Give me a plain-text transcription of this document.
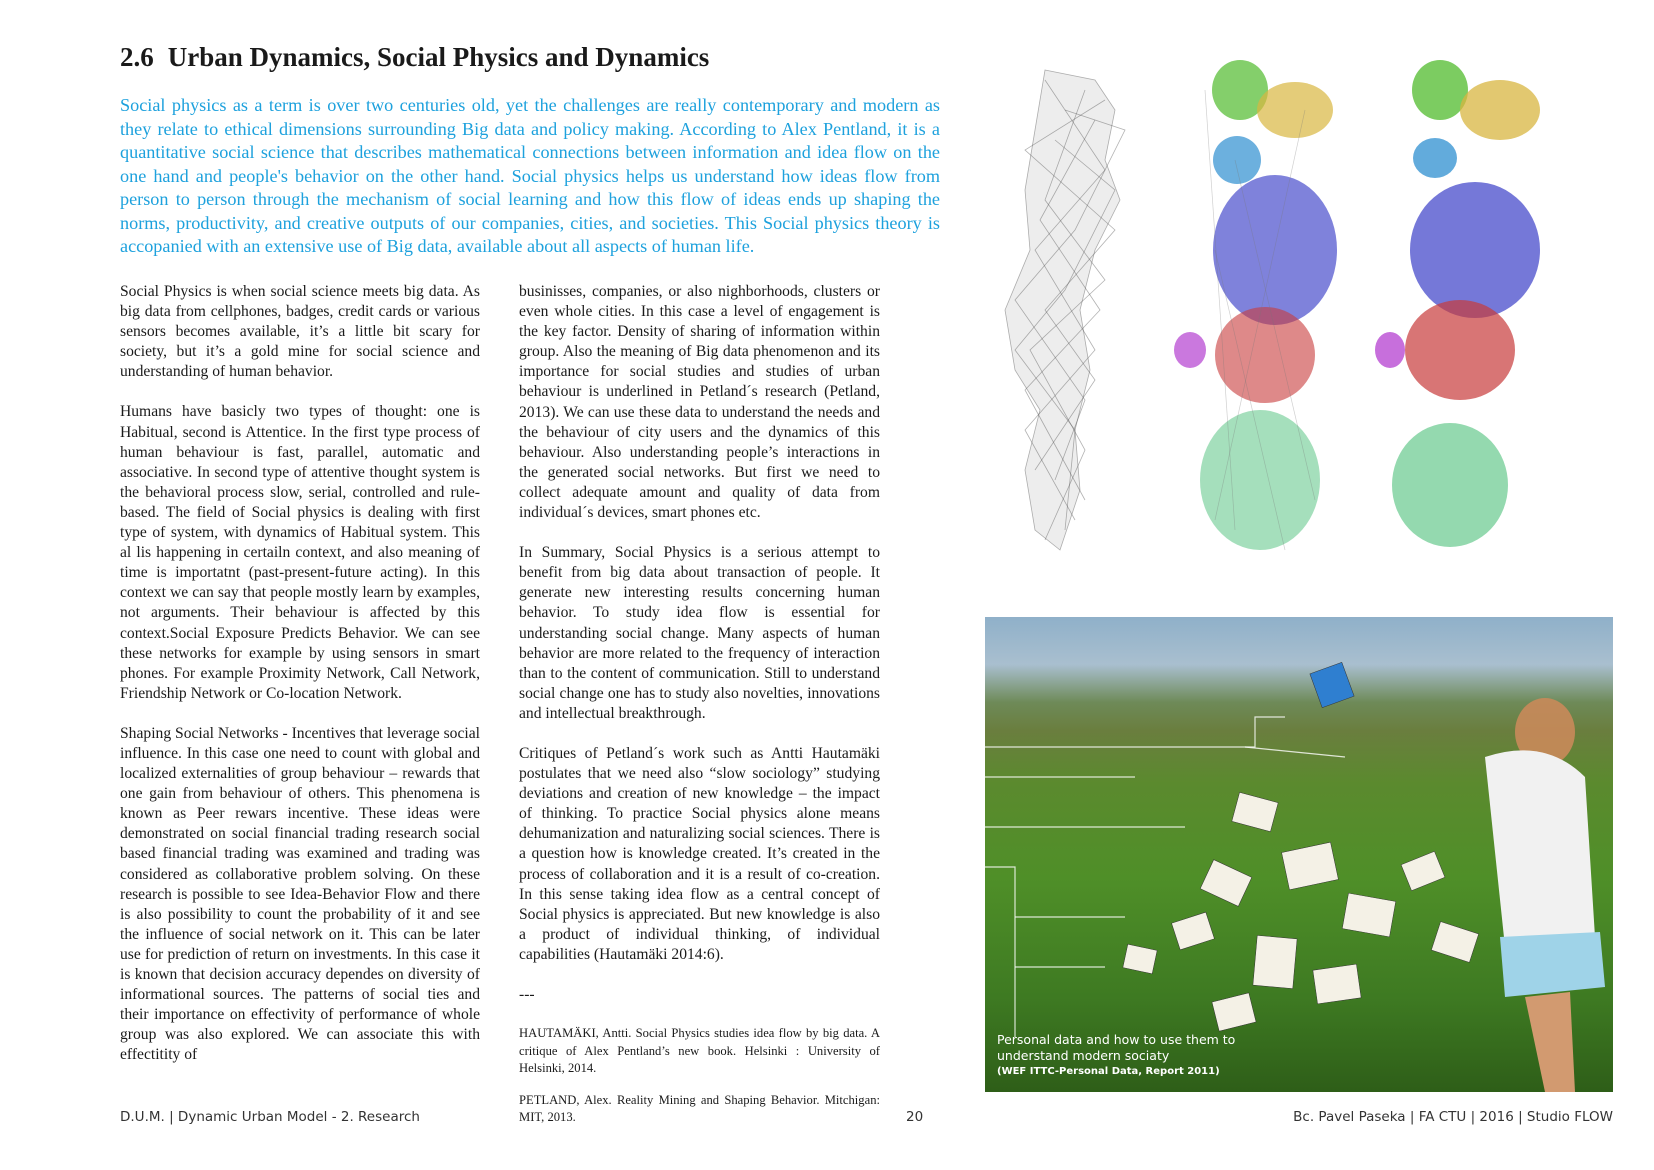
2.6 Urban Dynamics, Social Physics and Dynamics

Social physics as a term is over two centuries old, yet the challenges are really contemporary and modern as they relate to ethical dimensions surrounding Big data and policy making. According to Alex Pentland, it is a quantitative social science that describes mathematical connections between information and idea flow on the one hand and people's behavior on the other hand. Social physics helps us understand how ideas flow from person to person through the mechanism of social learning and how this flow of ideas ends up shaping the norms, productivity, and creative outputs of our companies, cities, and societies. This Social physics theory is accopanied with an extensive use of Big data, available about all aspects of human life.

Social Physics is when social science meets big data. As big data from cellphones, badges, credit cards or various sensors becomes available, it’s a little bit scary for society, but it’s a gold mine for social science and understanding of human behavior.

Humans have basicly two types of thought: one is Habitual, second is Attentice. In the first type process of human behaviour is fast, parallel, automatic and associative. In second type of attentive thought system is the behavioral process slow, serial, controlled and rule-based. The field of Social physics is dealing with first type of system, with dynamics of Habitual system. This al lis happening in certailn context, and also meaning of time is importatnt (past-present-future acting). In this context we can say that people mostly learn by examples, not arguments. Their behaviour is affected by this context.Social Exposure Predicts Behavior. We can see these networks for example by using sensors in smart phones. For example Proximity Network, Call Network, Friendship Network or Co-location Network.

Shaping Social Networks - Incentives that leverage social influence. In this case one need to count with global and localized externalities of group behaviour – rewards that one gain from behaviour of others. This phenomena is known as Peer rewars incentive. These ideas were demonstrated on social financial trading research social based financial trading was examined and trading was considered as collaborative problem solving. On these research is possible to see Idea-Behavior Flow and there is also possibility to count the probability of it and see the influence of social network on it. This can be later use for prediction of return on investments. In this case it is known that decision accuracy dependes on diversity of informational sources. The patterns of social ties and their importance on effectivity of performance of whole group was also explored. We can associate this with effectitity of

businisses, companies, or also nighborhoods, clusters or even whole cities. In this case a level of engagement is the key factor. Density of sharing of information within group. Also the meaning of Big data phenomenon and its importance for social studies and studies of urban behaviour is underlined in Petland´s research (Petland, 2013). We can use these data to understand the needs and the behaviour of city users and the dynamics of this behaviour. Also understanding people’s interactions in the generated social networks. But first we need to collect adequate amount and quality of data from individual´s devices, smart phones etc.

In Summary, Social Physics is a serious attempt to benefit from big data about transaction of people. It generate new interesting results concerning human behavior. To study idea flow is essential for understanding social change. Many aspects of human behavior are more related to the frequency of interaction than to the content of communication. Still to understand social change one has to study also novelties, innovations and intellectual breakthrough.

Critiques of Petland´s work such as Antti Hautamäki postulates that we need also “slow sociology” studying deviations and creation of new knowledge – the impact of thinking. To practice Social physics alone means dehumanization and naturalizing social sciences. There is a question how is knowledge created. It’s created in the process of collaboration and it is a result of co-creation. In this sense taking idea flow as a central concept of Social physics is appreciated. But new knowledge is also a product of individual thinking, of individual capabilities (Hautamäki 2014:6).

---

HAUTAMÄKI, Antti. Social Physics studies idea flow by big data. A critique of Alex Pentland’s new book. Helsinki : University of Helsinki, 2014.

PETLAND, Alex. Reality Mining and Shaping Behavior. Mitchigan: MIT, 2013.

Personal data and how to use them to
understand modern sociaty
(WEF ITTC-Personal Data, Report 2011)
D.U.M. | Dynamic Urban Model - 2. Research	20	Bc. Pavel Paseka | FA CTU | 2016 | Studio FLOW
